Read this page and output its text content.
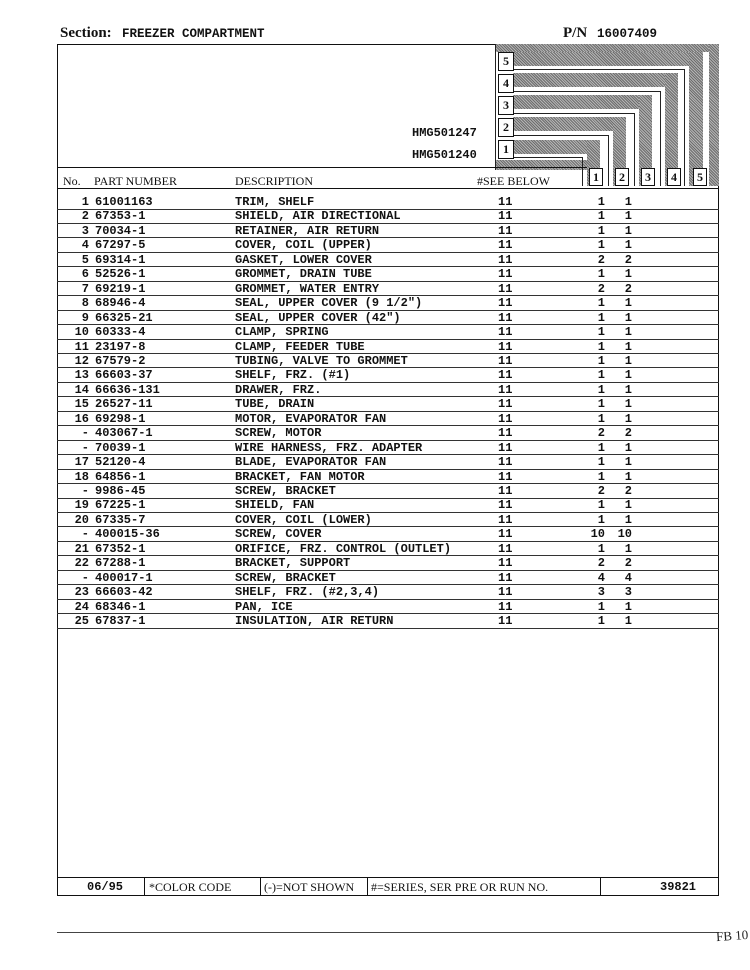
Section: FREEZER COMPARTMENT	P/N 16007409
5
4
3
2
1
HMG501247
HMG501240
1	2	3	4	5
No. PART NUMBER	DESCRIPTION	#SEE BELOW
1 61001163	TRIM, SHELF	11	1	1
2 67353-1	SHIELD, AIR DIRECTIONAL	11	1	1
3 70034-1	RETAINER, AIR RETURN	11	1	1
4 67297-5	COVER, COIL (UPPER)	11	1	1
5 69314-1	GASKET, LOWER COVER	11	2	2
6 52526-1	GROMMET, DRAIN TUBE	11	1	1
7 69219-1	GROMMET, WATER ENTRY	11	2	2
8 68946-4	SEAL, UPPER COVER (9 1/2")	11	1	1
9 66325-21	SEAL, UPPER COVER (42")	11	1	1
10 60333-4	CLAMP, SPRING	11	1	1
11 23197-8	CLAMP, FEEDER TUBE	11	1	1
12 67579-2	TUBING, VALVE TO GROMMET	11	1	1
13 66603-37	SHELF, FRZ. (#1)	11	1	1
14 66636-131	DRAWER, FRZ.	11	1	1
15 26527-11	TUBE, DRAIN	11	1	1
16 69298-1	MOTOR, EVAPORATOR FAN	11	1	1
- 403067-1	SCREW, MOTOR	11	2	2
- 70039-1	WIRE HARNESS, FRZ. ADAPTER	11	1	1
17 52120-4	BLADE, EVAPORATOR FAN	11	1	1
18 64856-1	BRACKET, FAN MOTOR	11	1	1
- 9986-45	SCREW, BRACKET	11	2	2
19 67225-1	SHIELD, FAN	11	1	1
20 67335-7	COVER, COIL (LOWER)	11	1	1
- 400015-36	SCREW, COVER	11	10	10
21 67352-1	ORIFICE, FRZ. CONTROL (OUTLET)	11	1	1
22 67288-1	BRACKET, SUPPORT	11	2	2
- 400017-1	SCREW, BRACKET	11	4	4
23 66603-42	SHELF, FRZ. (#2,3,4)	11	3	3
24 68346-1	PAN, ICE	11	1	1
25 67837-1	INSULATION, AIR RETURN	11	1	1
06/95 *COLOR CODE	(-)=NOT SHOWN #=SERIES, SER PRE OR RUN NO.	39821
FB 10
